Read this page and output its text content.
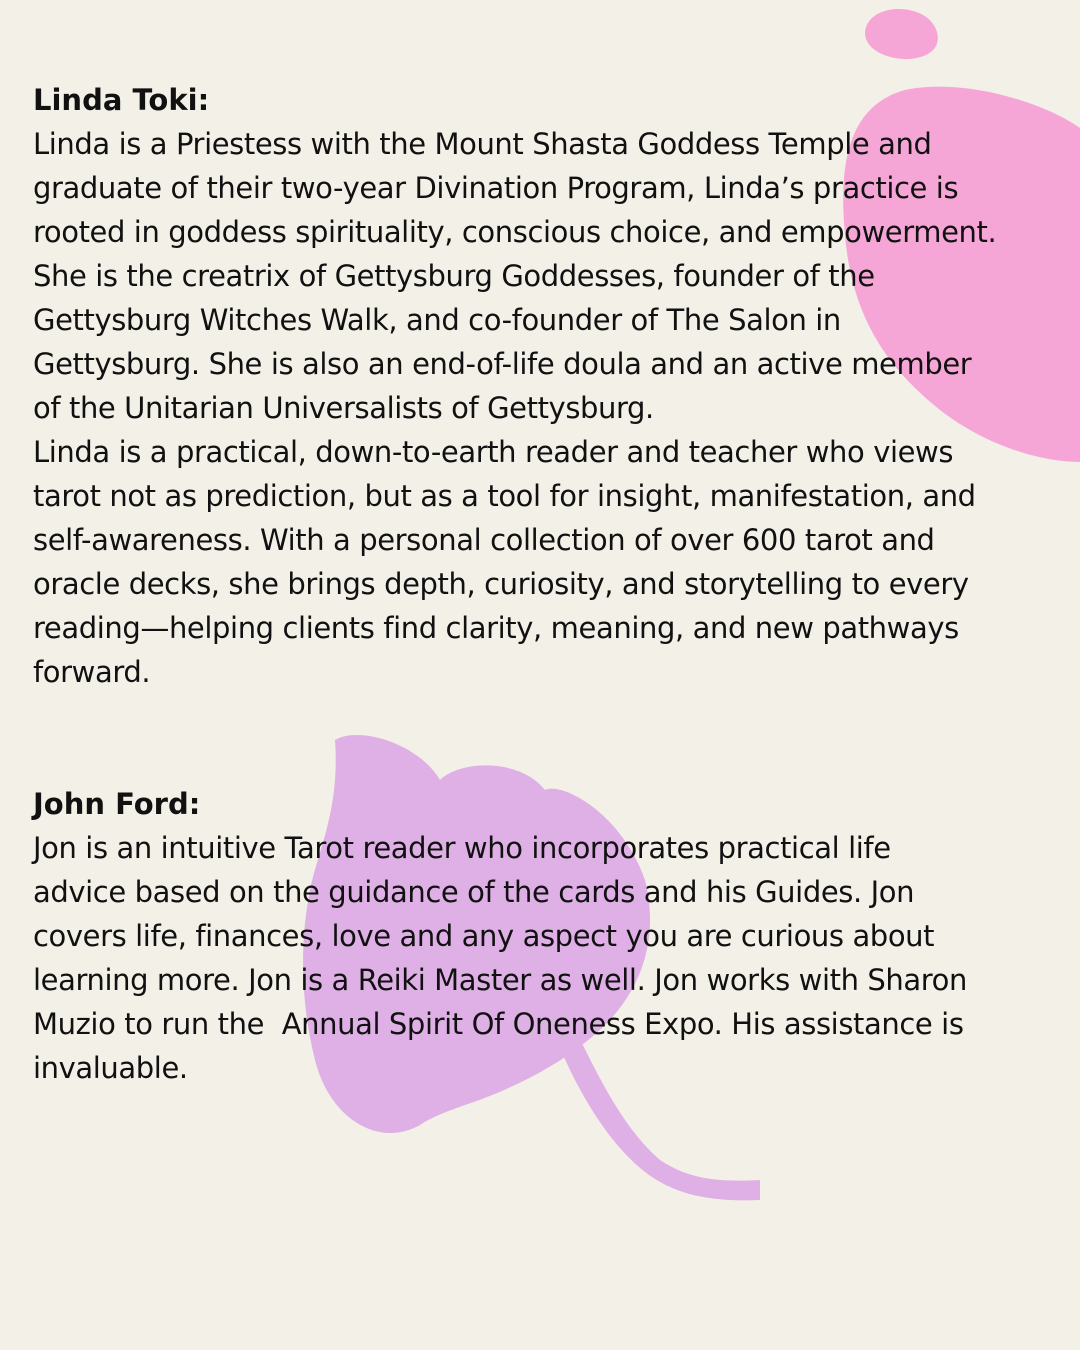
Linda Toki:
Linda is a Priestess with the Mount Shasta Goddess Temple and
graduate of their two-year Divination Program, Linda’s practice is
rooted in goddess spirituality, conscious choice, and empowerment.
She is the creatrix of Gettysburg Goddesses, founder of the
Gettysburg Witches Walk, and co-founder of The Salon in
Gettysburg. She is also an end-of-life doula and an active member
of the Unitarian Universalists of Gettysburg.
Linda is a practical, down-to-earth reader and teacher who views
tarot not as prediction, but as a tool for insight, manifestation, and
self-awareness. With a personal collection of over 600 tarot and
oracle decks, she brings depth, curiosity, and storytelling to every
reading—helping clients find clarity, meaning, and new pathways
forward.
John Ford:
Jon is an intuitive Tarot reader who incorporates practical life
advice based on the guidance of the cards and his Guides. Jon
covers life, finances, love and any aspect you are curious about
learning more. Jon is a Reiki Master as well. Jon works with Sharon
Muzio to run the  Annual Spirit Of Oneness Expo. His assistance is
invaluable.
